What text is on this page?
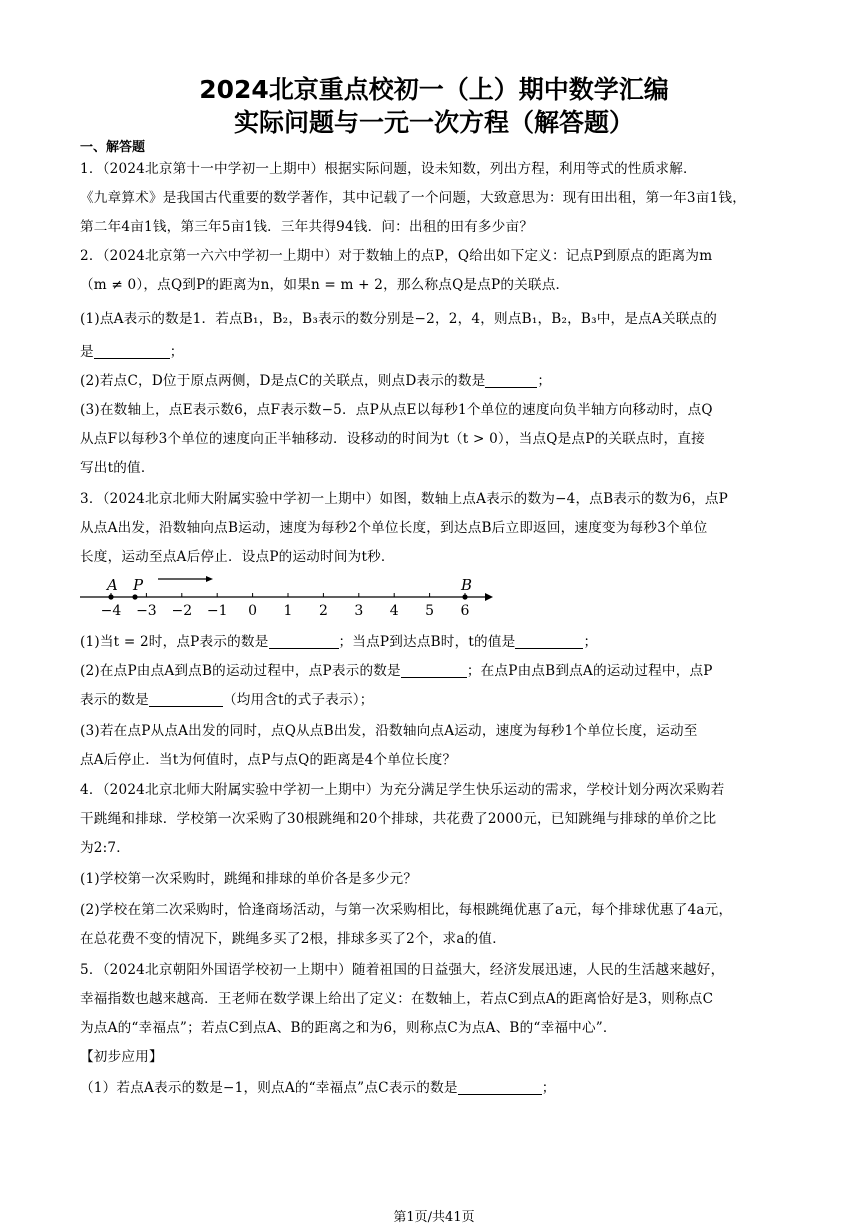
2024北京重点校初一（上）期中数学汇编
实际问题与一元一次方程（解答题）
一、解答题
1．（2024北京第十一中学初一上期中）根据实际问题，设未知数，列出方程，利用等式的性质求解．
《九章算术》是我国古代重要的数学著作，其中记载了一个问题，大致意思为：现有田出租，第一年3亩1钱，
第二年4亩1钱，第三年5亩1钱．三年共得94钱．问：出租的田有多少亩？
2．（2024北京第一六六中学初一上期中）对于数轴上的点P，Q给出如下定义：记点P到原点的距离为m
（m ≠ 0），点Q到P的距离为n，如果n = m + 2，那么称点Q是点P的关联点．
(1)点A表示的数是1．若点B₁，B₂，B₃表示的数分别是−2，2，4，则点B₁，B₂，B₃中，是点A关联点的
是	；
(2)若点C，D位于原点两侧，D是点C的关联点，则点D表示的数是	；
(3)在数轴上，点E表示数6，点F表示数−5．点P从点E以每秒1个单位的速度向负半轴方向移动时，点Q
从点F以每秒3个单位的速度向正半轴移动．设移动的时间为t（t > 0），当点Q是点P的关联点时，直接
写出t的值．
3．（2024北京北师大附属实验中学初一上期中）如图，数轴上点A表示的数为−4，点B表示的数为6，点P
从点A出发，沿数轴向点B运动，速度为每秒2个单位长度，到达点B后立即返回，速度变为每秒3个单位
长度，运动至点A后停止．设点P的运动时间为t秒．
−4 −3 −2 −1 0 1 2 3 4 5 6
A P	B
(1)当t = 2时，点P表示的数是	；当点P到达点B时，t的值是	；
(2)在点P由点A到点B的运动过程中，点P表示的数是	；在点P由点B到点A的运动过程中，点P
表示的数是	（均用含t的式子表示）；
(3)若在点P从点A出发的同时，点Q从点B出发，沿数轴向点A运动，速度为每秒1个单位长度，运动至
点A后停止．当t为何值时，点P与点Q的距离是4个单位长度？
4．（2024北京北师大附属实验中学初一上期中）为充分满足学生快乐运动的需求，学校计划分两次采购若
干跳绳和排球．学校第一次采购了30根跳绳和20个排球，共花费了2000元，已知跳绳与排球的单价之比
为2:7．
(1)学校第一次采购时，跳绳和排球的单价各是多少元？
(2)学校在第二次采购时，恰逢商场活动，与第一次采购相比，每根跳绳优惠了a元，每个排球优惠了4a元，
在总花费不变的情况下，跳绳多买了2根，排球多买了2个，求a的值．
5．（2024北京朝阳外国语学校初一上期中）随着祖国的日益强大，经济发展迅速，人民的生活越来越好，
幸福指数也越来越高．王老师在数学课上给出了定义：在数轴上，若点C到点A的距离恰好是3，则称点C
为点A的“幸福点”；若点C到点A、B的距离之和为6，则称点C为点A、B的“幸福中心”．
【初步应用】
（1）若点A表示的数是−1，则点A的“幸福点”点C表示的数是	；
第1页/共41页
